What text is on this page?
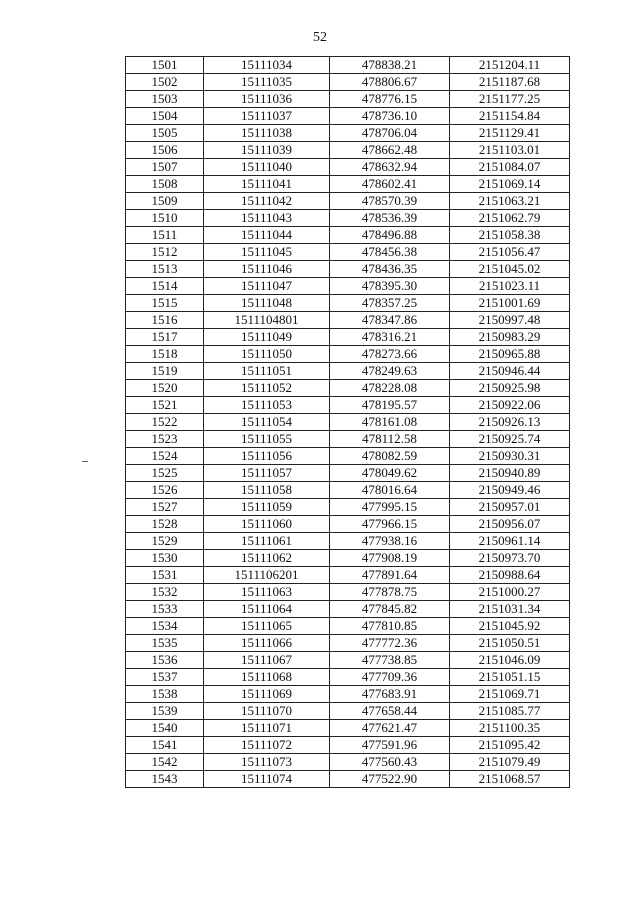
52
1501	15111034	478838.21	2151204.11
1502	15111035	478806.67	2151187.68
1503	15111036	478776.15	2151177.25
1504	15111037	478736.10	2151154.84
1505	15111038	478706.04	2151129.41
1506	15111039	478662.48	2151103.01
1507	15111040	478632.94	2151084.07
1508	15111041	478602.41	2151069.14
1509	15111042	478570.39	2151063.21
1510	15111043	478536.39	2151062.79
1511	15111044	478496.88	2151058.38
1512	15111045	478456.38	2151056.47
1513	15111046	478436.35	2151045.02
1514	15111047	478395.30	2151023.11
1515	15111048	478357.25	2151001.69
1516	1511104801	478347.86	2150997.48
1517	15111049	478316.21	2150983.29
1518	15111050	478273.66	2150965.88
1519	15111051	478249.63	2150946.44
1520	15111052	478228.08	2150925.98
1521	15111053	478195.57	2150922.06
1522	15111054	478161.08	2150926.13
1523	15111055	478112.58	2150925.74
1524	15111056	478082.59	2150930.31
1525	15111057	478049.62	2150940.89
1526	15111058	478016.64	2150949.46
1527	15111059	477995.15	2150957.01
1528	15111060	477966.15	2150956.07
1529	15111061	477938.16	2150961.14
1530	15111062	477908.19	2150973.70
1531	1511106201	477891.64	2150988.64
1532	15111063	477878.75	2151000.27
1533	15111064	477845.82	2151031.34
1534	15111065	477810.85	2151045.92
1535	15111066	477772.36	2151050.51
1536	15111067	477738.85	2151046.09
1537	15111068	477709.36	2151051.15
1538	15111069	477683.91	2151069.71
1539	15111070	477658.44	2151085.77
1540	15111071	477621.47	2151100.35
1541	15111072	477591.96	2151095.42
1542	15111073	477560.43	2151079.49
1543	15111074	477522.90	2151068.57
